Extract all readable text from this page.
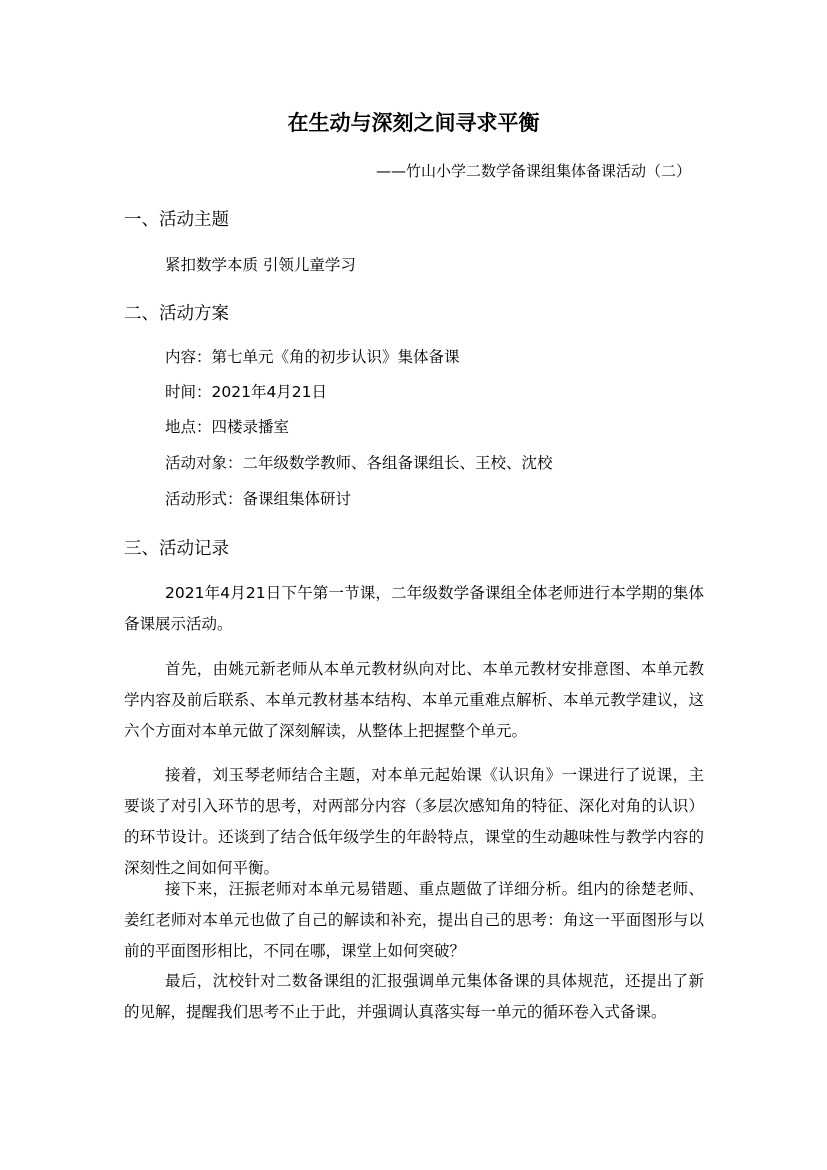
在生动与深刻之间寻求平衡
——竹山小学二数学备课组集体备课活动（二）
一、活动主题
紧扣数学本质 引领儿童学习
二、活动方案
内容：第七单元《角的初步认识》集体备课
时间：2021年4月21日
地点：四楼录播室
活动对象：二年级数学教师、各组备课组长、王校、沈校
活动形式：备课组集体研讨
三、活动记录

2021年4月21日下午第一节课，二年级数学备课组全体老师进行本学期的集体备课展示活动。

首先，由姚元新老师从本单元教材纵向对比、本单元教材安排意图、本单元教学内容及前后联系、本单元教材基本结构、本单元重难点解析、本单元教学建议，这六个方面对本单元做了深刻解读，从整体上把握整个单元。

接着，刘玉琴老师结合主题，对本单元起始课《认识角》一课进行了说课，主要谈了对引入环节的思考，对两部分内容（多层次感知角的特征、深化对角的认识）的环节设计。还谈到了结合低年级学生的年龄特点，课堂的生动趣味性与教学内容的深刻性之间如何平衡。

接下来，汪振老师对本单元易错题、重点题做了详细分析。组内的徐楚老师、姜红老师对本单元也做了自己的解读和补充，提出自己的思考：角这一平面图形与以前的平面图形相比，不同在哪，课堂上如何突破？

最后，沈校针对二数备课组的汇报强调单元集体备课的具体规范，还提出了新的见解，提醒我们思考不止于此，并强调认真落实每一单元的循环卷入式备课。
